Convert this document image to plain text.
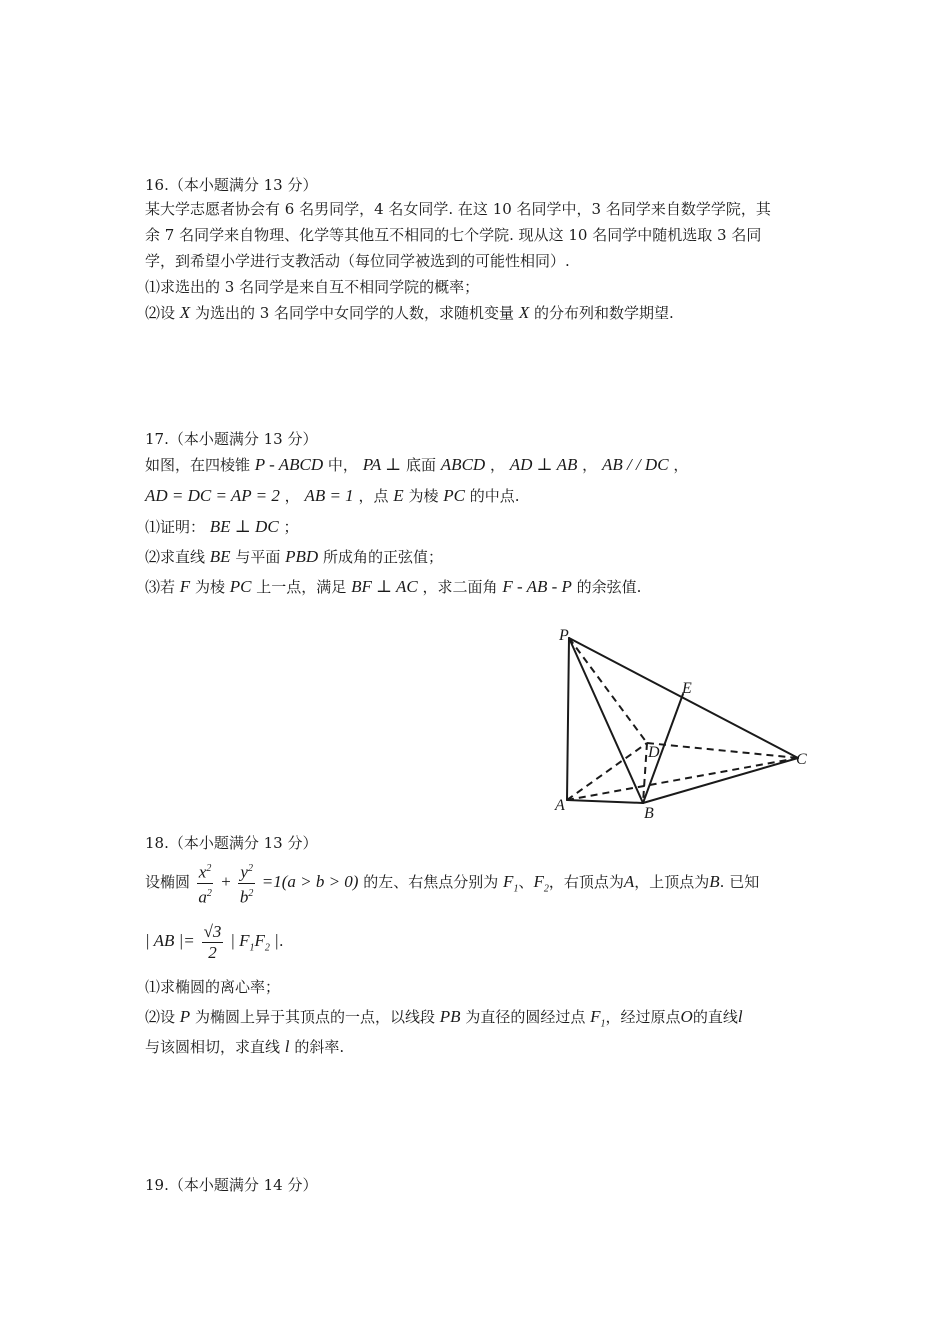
16.（本小题满分 13 分）
某大学志愿者协会有 6 名男同学，4 名女同学. 在这 10 名同学中，3 名同学来自数学学院，其
余 7 名同学来自物理、化学等其他互不相同的七个学院. 现从这 10 名同学中随机选取 3 名同
学，到希望小学进行支教活动（每位同学被选到的可能性相同）.
⑴求选出的 3 名同学是来自互不相同学院的概率；
⑵设 X 为选出的 3 名同学中女同学的人数，求随机变量 X 的分布列和数学期望.
17.（本小题满分 13 分）
如图，在四棱锥 P - ABCD 中， PA ⊥ 底面 ABCD ， AD ⊥ AB ， AB / / DC ，
AD = DC = AP = 2 ， AB = 1 ，点 E 为棱 PC 的中点.
⑴证明： BE ⊥ DC ；
⑵求直线 BE 与平面 PBD 所成角的正弦值；
⑶若 F 为棱 PC 上一点，满足 BF ⊥ AC ，求二面角 F - AB - P 的余弦值.
P
E
D	C
A	B
18.（本小题满分 13 分）
设椭圆 $\frac{x^2}{a^2} + \frac{y^2}{b^2} =1(a > b > 0)$ 的左、右焦点分别为 $F_1$、$F_2$，右顶点为A，上顶点为B. 已知
| AB |= $\frac{√3}{2}$ | $F_1F_2$ |.
⑴求椭圆的离心率；
⑵设 P 为椭圆上异于其顶点的一点，以线段 PB 为直径的圆经过点 $F_1$，经过原点O的直线l
与该圆相切，求直线 l 的斜率.
19.（本小题满分 14 分）
